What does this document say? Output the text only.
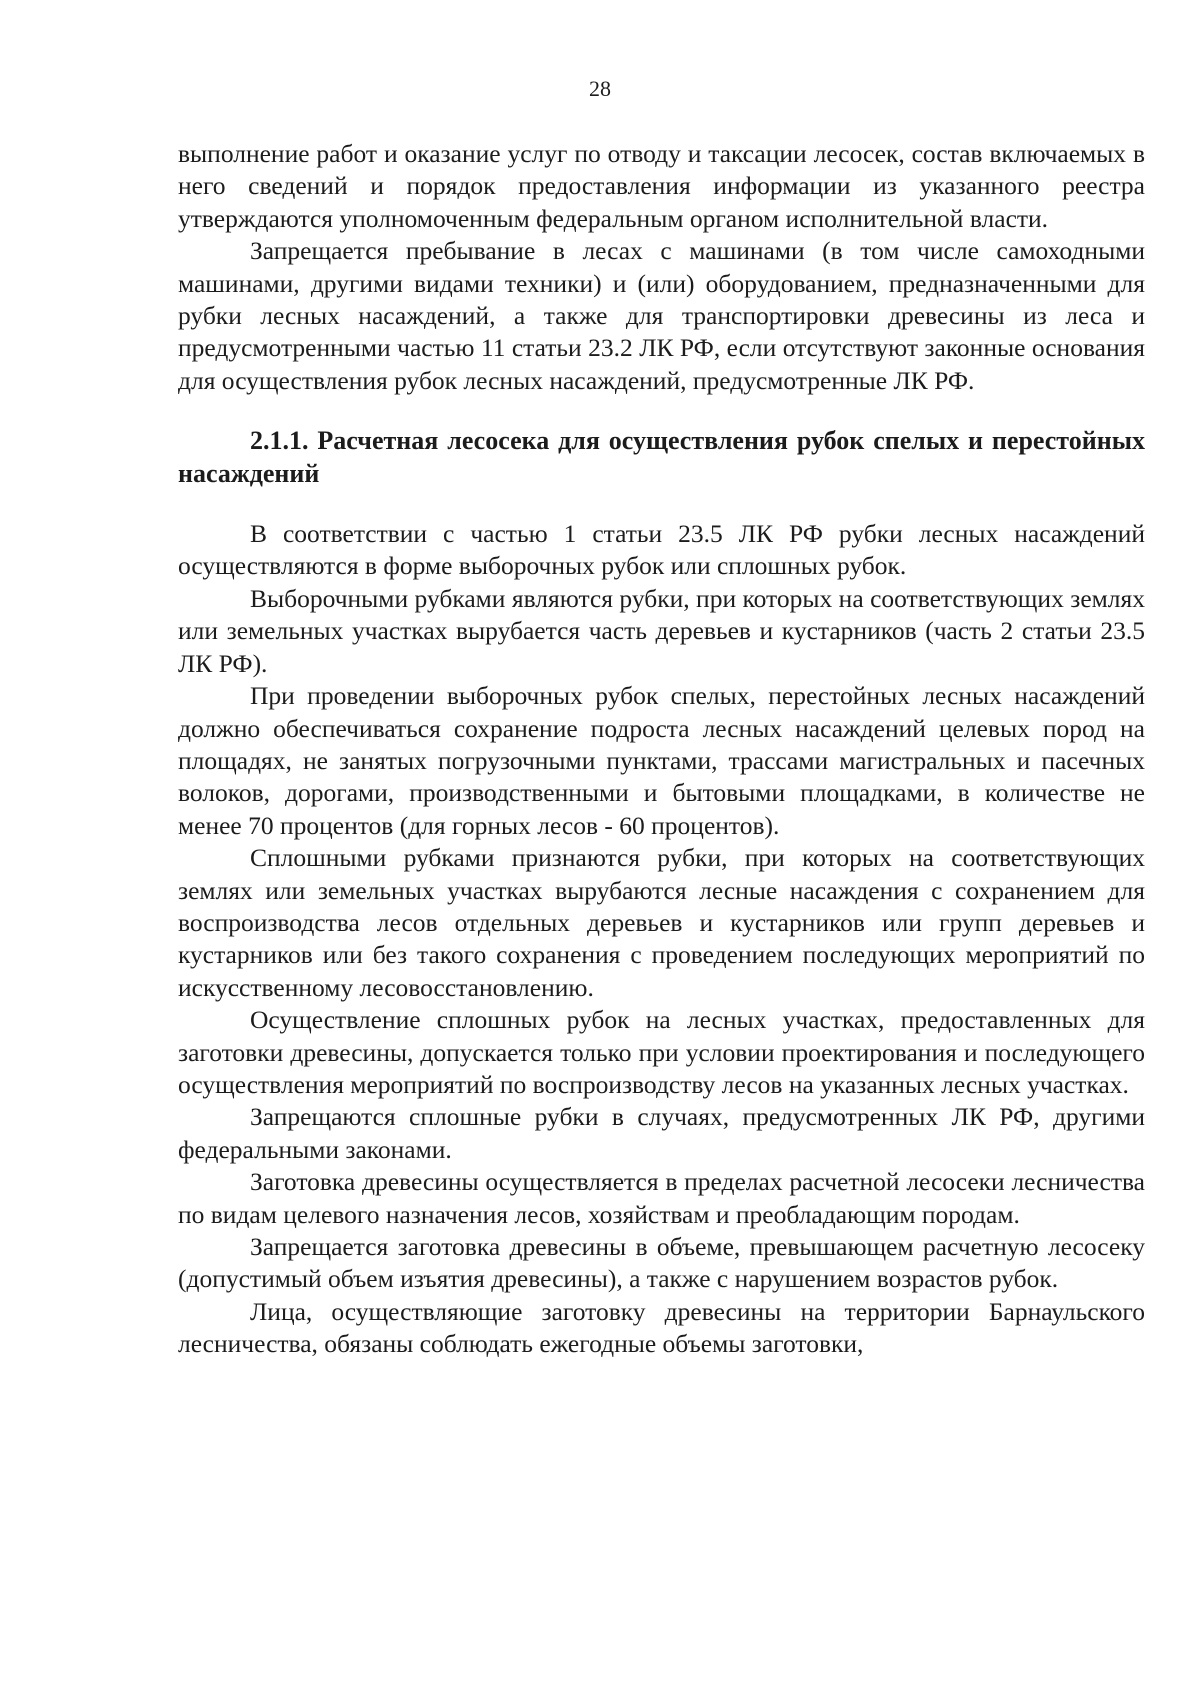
28

выполнение работ и оказание услуг по отводу и таксации лесосек, состав включаемых в него сведений и порядок предоставления информации из указанного реестра утверждаются уполномоченным федеральным органом исполнительной власти.

Запрещается пребывание в лесах с машинами (в том числе самоходными машинами, другими видами техники) и (или) оборудованием, предназначенными для рубки лесных насаждений, а также для транспортировки древесины из леса и предусмотренными частью 11 статьи 23.2 ЛК РФ, если отсутствуют законные основания для осуществления рубок лесных насаждений, предусмотренные ЛК РФ.

2.1.1. Расчетная лесосека для осуществления рубок спелых и перестойных насаждений

В соответствии с частью 1 статьи 23.5 ЛК РФ рубки лесных насаждений осуществляются в форме выборочных рубок или сплошных рубок.

Выборочными рубками являются рубки, при которых на соответствующих землях или земельных участках вырубается часть деревьев и кустарников (часть 2 статьи 23.5 ЛК РФ).

При проведении выборочных рубок спелых, перестойных лесных насаждений должно обеспечиваться сохранение подроста лесных насаждений целевых пород на площадях, не занятых погрузочными пунктами, трассами магистральных и пасечных волоков, дорогами, производственными и бытовыми площадками, в количестве не менее 70 процентов (для горных лесов - 60 процентов).

Сплошными рубками признаются рубки, при которых на соответствующих землях или земельных участках вырубаются лесные насаждения с сохранением для воспроизводства лесов отдельных деревьев и кустарников или групп деревьев и кустарников или без такого сохранения с проведением последующих мероприятий по искусственному лесовосстановлению.

Осуществление сплошных рубок на лесных участках, предоставленных для заготовки древесины, допускается только при условии проектирования и последующего осуществления мероприятий по воспроизводству лесов на указанных лесных участках.

Запрещаются сплошные рубки в случаях, предусмотренных ЛК РФ, другими федеральными законами.

Заготовка древесины осуществляется в пределах расчетной лесосеки лесничества по видам целевого назначения лесов, хозяйствам и преобладающим породам.

Запрещается заготовка древесины в объеме, превышающем расчетную лесосеку (допустимый объем изъятия древесины), а также с нарушением возрастов рубок.

Лица, осуществляющие заготовку древесины на территории Барнаульского лесничества, обязаны соблюдать ежегодные объемы заготовки,
